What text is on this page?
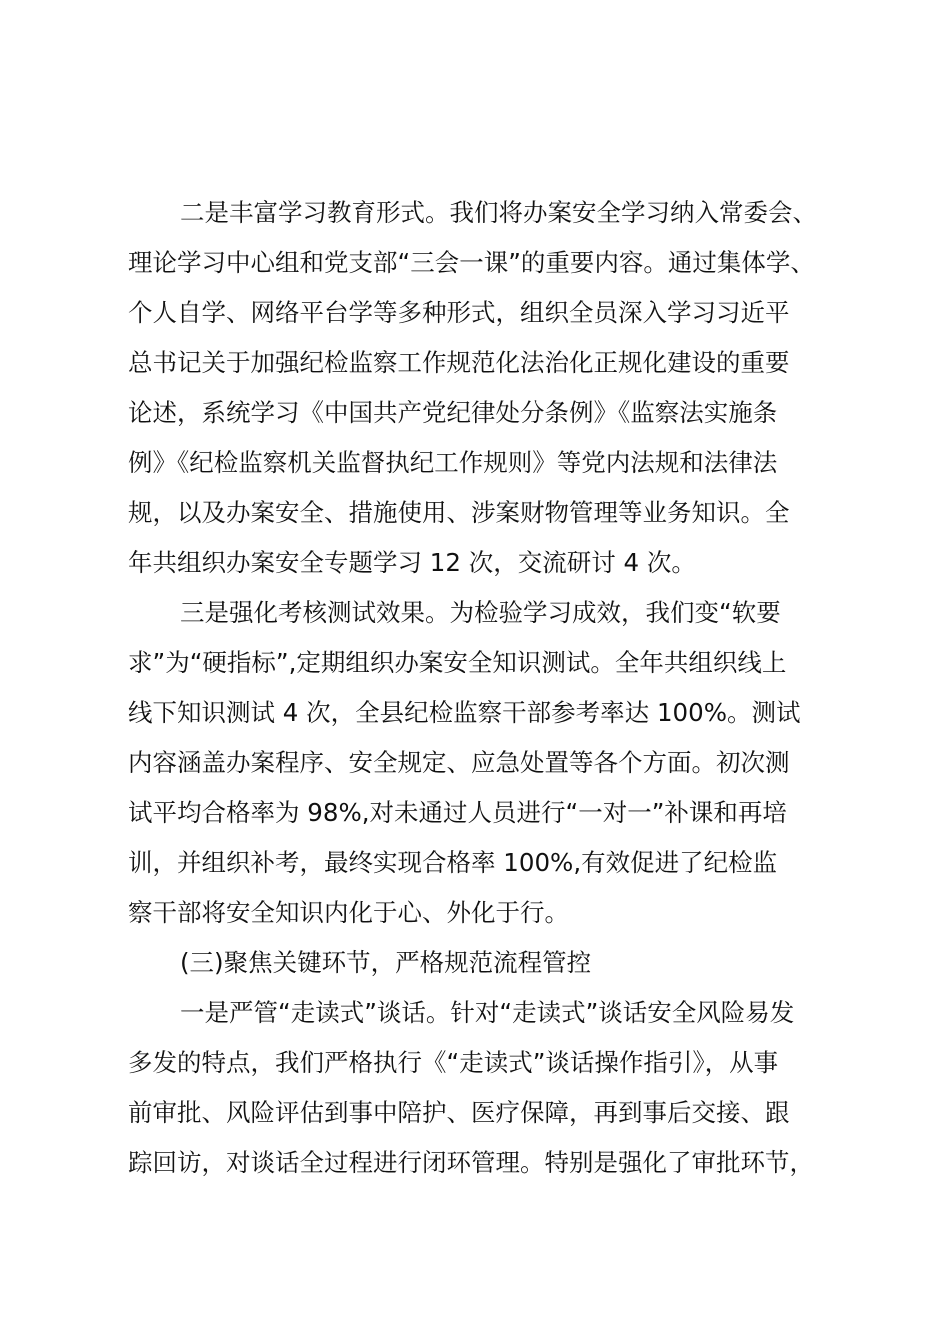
二是丰富学习教育形式。我们将办案安全学习纳入常委会、
理论学习中心组和党支部“三会一课”的重要内容。通过集体学、
个人自学、网络平台学等多种形式，组织全员深入学习习近平
总书记关于加强纪检监察工作规范化法治化正规化建设的重要
论述，系统学习《中国共产党纪律处分条例》《监察法实施条
例》《纪检监察机关监督执纪工作规则》等党内法规和法律法
规，以及办案安全、措施使用、涉案财物管理等业务知识。全
年共组织办案安全专题学习 12 次，交流研讨 4 次。
三是强化考核测试效果。为检验学习成效，我们变“软要
求”为“硬指标”,定期组织办案安全知识测试。全年共组织线上
线下知识测试 4 次，全县纪检监察干部参考率达 100%。测试
内容涵盖办案程序、安全规定、应急处置等各个方面。初次测
试平均合格率为 98%,对未通过人员进行“一对一”补课和再培
训，并组织补考，最终实现合格率 100%,有效促进了纪检监
察干部将安全知识内化于心、外化于行。
(三)聚焦关键环节，严格规范流程管控
一是严管“走读式”谈话。针对“走读式”谈话安全风险易发
多发的特点，我们严格执行《“走读式”谈话操作指引》，从事
前审批、风险评估到事中陪护、医疗保障，再到事后交接、跟
踪回访，对谈话全过程进行闭环管理。特别是强化了审批环节，
